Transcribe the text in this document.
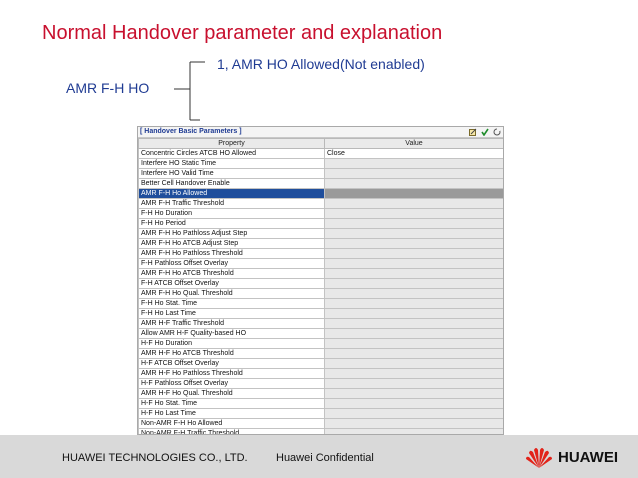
Normal Handover parameter and explanation
1, AMR HO Allowed(Not enabled)
AMR F-H HO
[ Handover Basic Parameters ]
Property	Value
Concentric Circles ATCB HO Allowed	Close
Interfere HO Static Time	
Interfere HO Valid Time	
Better Cell Handover Enable	
AMR F-H Ho Allowed	
AMR F-H Traffic Threshold	
F-H Ho Duration	
F-H Ho Period	
AMR F-H Ho Pathloss Adjust Step	
AMR F-H Ho ATCB Adjust Step	
AMR F-H Ho Pathloss Threshold	
F-H Pathloss Offset Overlay	
AMR F-H Ho ATCB Threshold	
F-H ATCB Offset Overlay	
AMR F-H Ho Qual. Threshold	
F-H Ho Stat. Time	
F-H Ho Last Time	
AMR H-F Traffic Threshold	
Allow AMR H-F Quality-based HO	
H-F Ho Duration	
AMR H-F Ho ATCB Threshold	
H-F ATCB Offset Overlay	
AMR H-F Ho Pathloss Threshold	
H-F Pathloss Offset Overlay	
AMR H-F Ho Qual. Threshold	
H-F Ho Stat. Time	
H-F Ho Last Time	
Non-AMR F-H Ho Allowed	
Non-AMR F-H Traffic Threshold	
HUAWEI TECHNOLOGIES CO., LTD.	Huawei Confidential	HUAWEI
